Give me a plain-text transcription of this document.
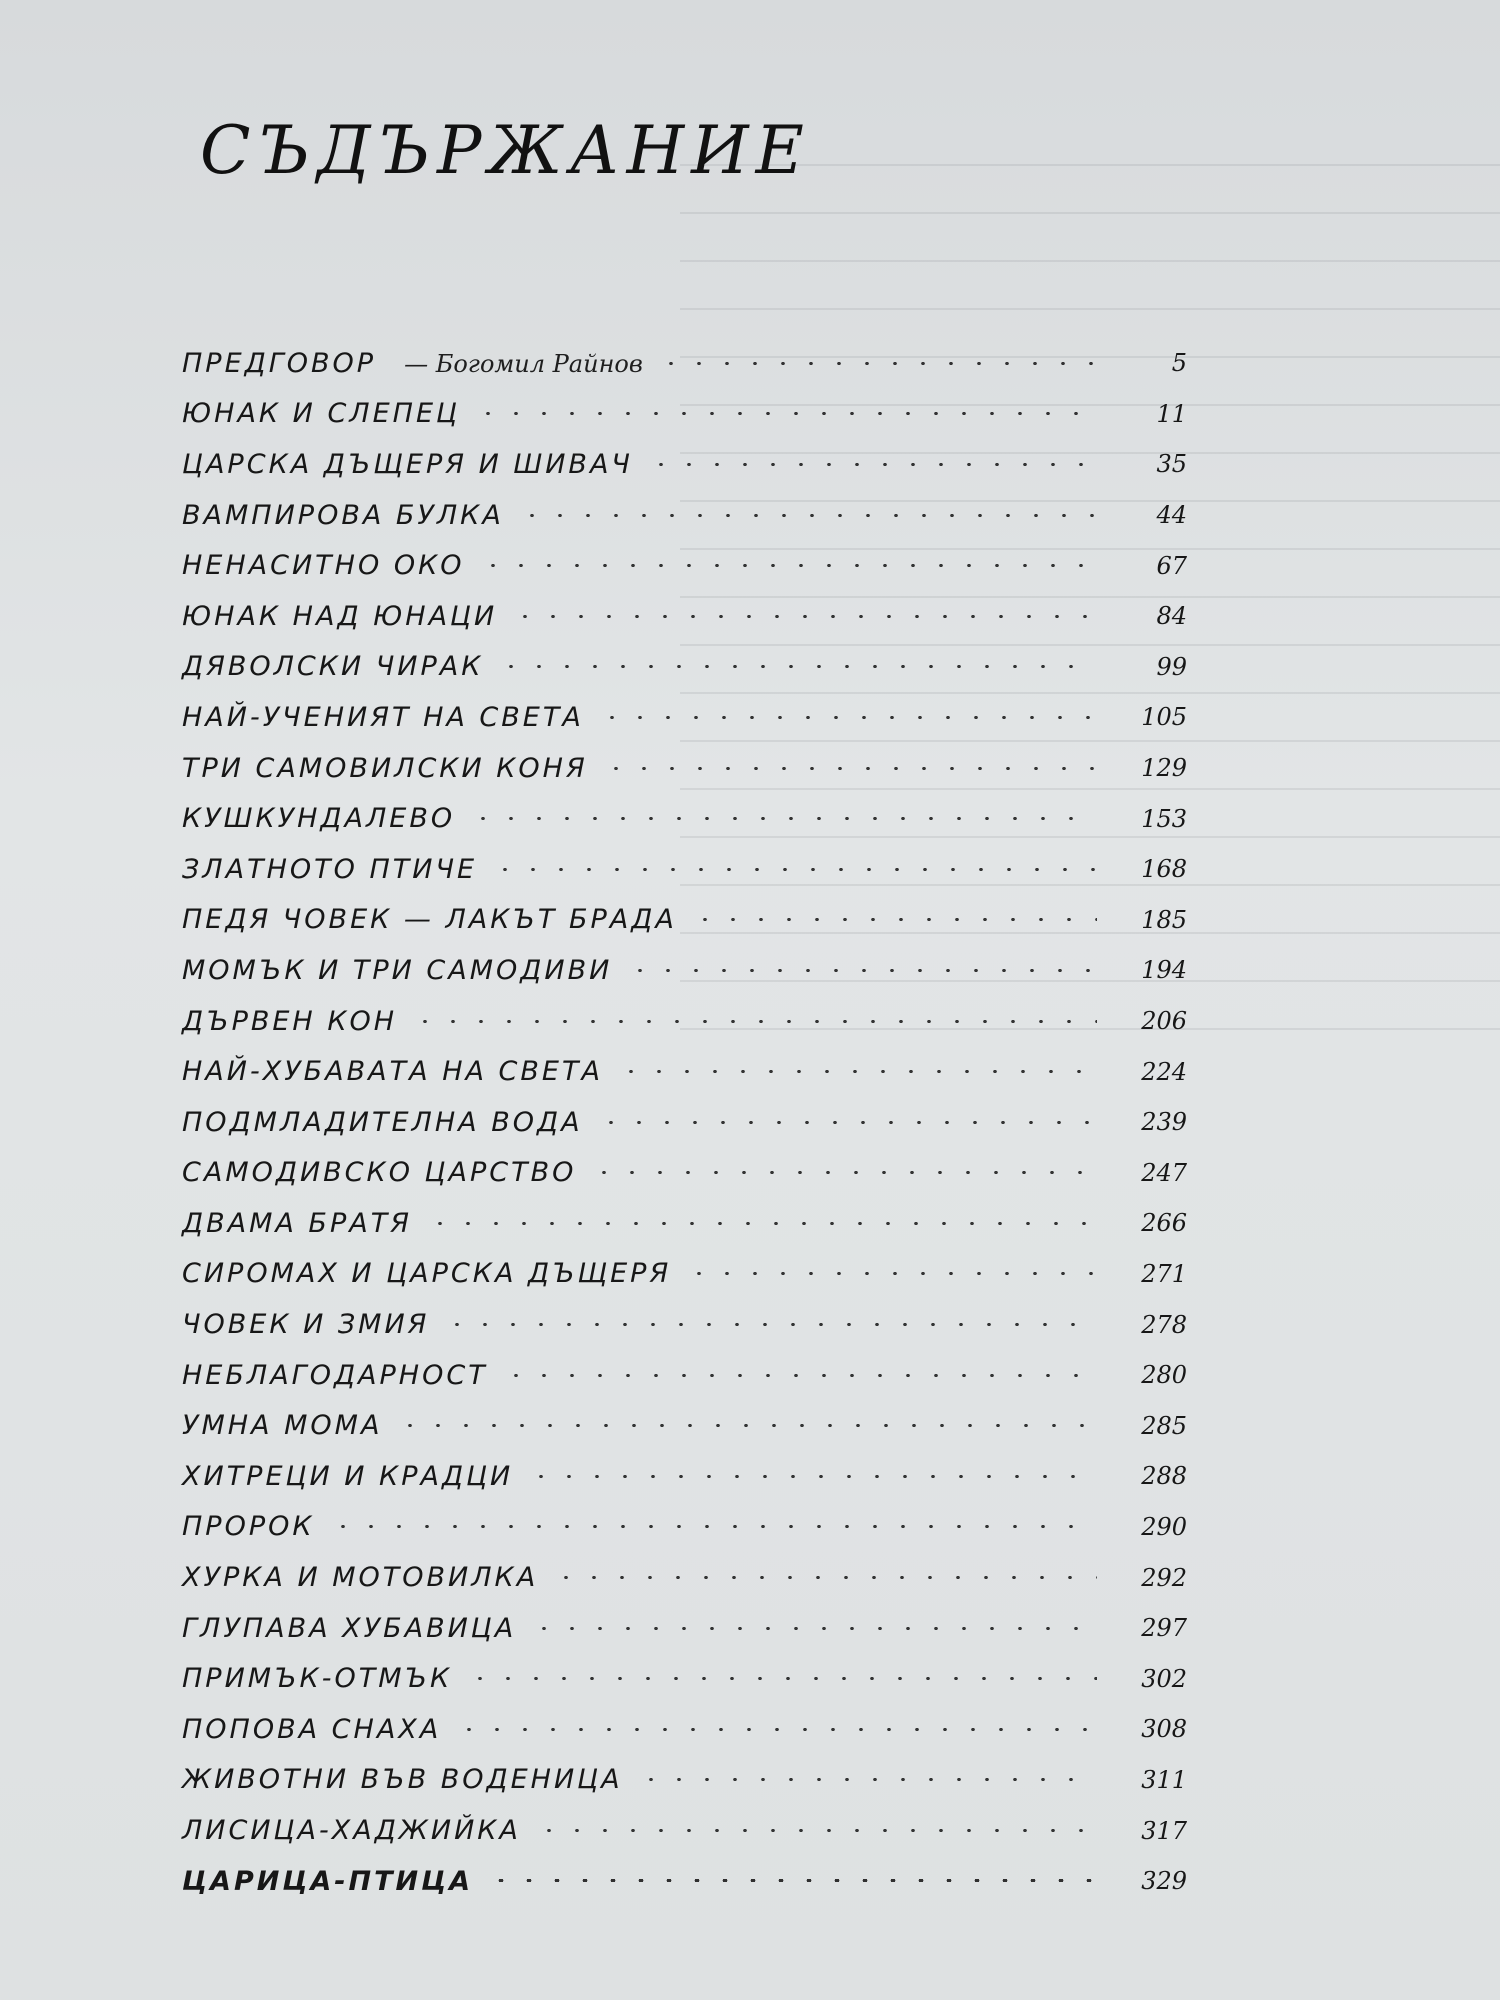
СЪДЪРЖАНИЕ
ПРЕДГОВОР — Богомил Райнов	5
ЮНАК И СЛЕПЕЦ	11
ЦАРСКА ДЪЩЕРЯ И ШИВАЧ	35
ВАМПИРОВА БУЛКА	44
НЕНАСИТНО ОКО	67
ЮНАК НАД ЮНАЦИ	84
ДЯВОЛСКИ ЧИРАК	99
НАЙ-УЧЕНИЯТ НА СВЕТА	105
ТРИ САМОВИЛСКИ КОНЯ	129
КУШКУНДАЛЕВО	153
ЗЛАТНОТО ПТИЧЕ	168
ПЕДЯ ЧОВЕК — ЛАКЪТ БРАДА	185
МОМЪК И ТРИ САМОДИВИ	194
ДЪРВЕН КОН	206
НАЙ-ХУБАВАТА НА СВЕТА	224
ПОДМЛАДИТЕЛНА ВОДА	239
САМОДИВСКО ЦАРСТВО	247
ДВАМА БРАТЯ	266
СИРОМАХ И ЦАРСКА ДЪЩЕРЯ	271
ЧОВЕК И ЗМИЯ	278
НЕБЛАГОДАРНОСТ	280
УМНА МОМА	285
ХИТРЕЦИ И КРАДЦИ	288
ПРОРОК	290
ХУРКА И МОТОВИЛКА	292
ГЛУПАВА ХУБАВИЦА	297
ПРИМЪК-ОТМЪК	302
ПОПОВА СНАХА	308
ЖИВОТНИ ВЪВ ВОДЕНИЦА	311
ЛИСИЦА-ХАДЖИЙКА	317
ЦАРИЦА-ПТИЦА	329
